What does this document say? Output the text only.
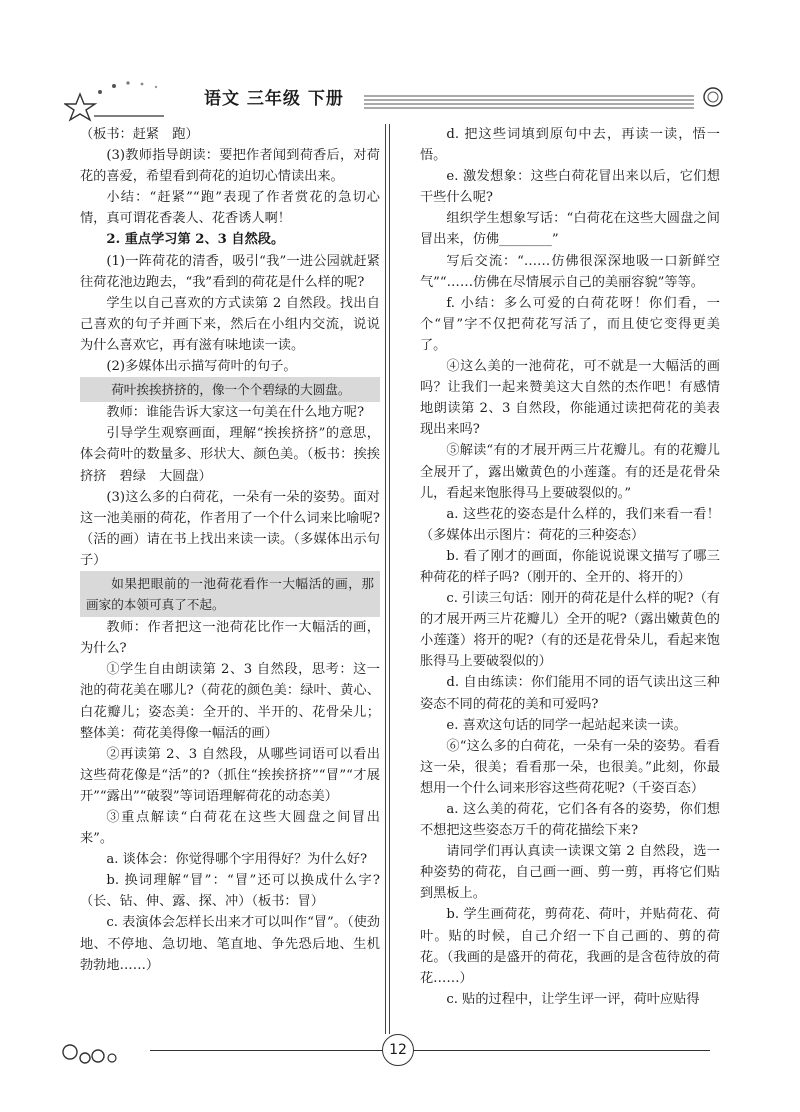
语文 三年级 下册

（板书：赶紧　跑）

(3)教师指导朗读：要把作者闻到荷香后，对荷花的喜爱，希望看到荷花的迫切心情读出来。

小结：“赶紧”“跑”表现了作者赏花的急切心情，真可谓花香袭人、花香诱人啊！

2. 重点学习第 2、3 自然段。

(1)一阵荷花的清香，吸引“我”一进公园就赶紧往荷花池边跑去，“我”看到的荷花是什么样的呢?

学生以自己喜欢的方式读第 2 自然段。找出自己喜欢的句子并画下来，然后在小组内交流，说说为什么喜欢它，再有滋有味地读一读。

(2)多媒体出示描写荷叶的句子。

荷叶挨挨挤挤的，像一个个碧绿的大圆盘。

教师：谁能告诉大家这一句美在什么地方呢?

引导学生观察画面，理解“挨挨挤挤”的意思，体会荷叶的数量多、形状大、颜色美。（板书：挨挨挤挤　碧绿　大圆盘）

(3)这么多的白荷花，一朵有一朵的姿势。面对这一池美丽的荷花，作者用了一个什么词来比喻呢?（活的画）请在书上找出来读一读。（多媒体出示句子）

如果把眼前的一池荷花看作一大幅活的画，那画家的本领可真了不起。

教师：作者把这一池荷花比作一大幅活的画，为什么?

①学生自由朗读第 2、3 自然段，思考：这一池的荷花美在哪儿?（荷花的颜色美：绿叶、黄心、白花瓣儿；姿态美：全开的、半开的、花骨朵儿；整体美：荷花美得像一幅活的画）

②再读第 2、3 自然段，从哪些词语可以看出这些荷花像是“活”的?（抓住“挨挨挤挤”“冒”“才展开”“露出”“破裂”等词语理解荷花的动态美）

③重点解读“白荷花在这些大圆盘之间冒出来”。

a. 谈体会：你觉得哪个字用得好？为什么好?

b. 换词理解“冒”：“冒”还可以换成什么字?（长、钻、伸、露、探、冲）（板书：冒）

c. 表演体会怎样长出来才可以叫作“冒”。（使劲地、不停地、急切地、笔直地、争先恐后地、生机勃勃地……）

d. 把这些词填到原句中去，再读一读，悟一悟。

e. 激发想象：这些白荷花冒出来以后，它们想干些什么呢?

组织学生想象写话：“白荷花在这些大圆盘之间冒出来，仿佛________”

写后交流：“……仿佛很深深地吸一口新鲜空气”“……仿佛在尽情展示自己的美丽容貌”等等。

f. 小结：多么可爱的白荷花呀！你们看，一个“冒”字不仅把荷花写活了，而且使它变得更美了。

④这么美的一池荷花，可不就是一大幅活的画吗？让我们一起来赞美这大自然的杰作吧！有感情地朗读第 2、3 自然段，你能通过读把荷花的美表现出来吗?

⑤解读“有的才展开两三片花瓣儿。有的花瓣儿全展开了，露出嫩黄色的小莲蓬。有的还是花骨朵儿，看起来饱胀得马上要破裂似的。”

a. 这些花的姿态是什么样的，我们来看一看！（多媒体出示图片：荷花的三种姿态）

b. 看了刚才的画面，你能说说课文描写了哪三种荷花的样子吗?（刚开的、全开的、将开的）

c. 引读三句话：刚开的荷花是什么样的呢?（有的才展开两三片花瓣儿）全开的呢?（露出嫩黄色的小莲蓬）将开的呢?（有的还是花骨朵儿，看起来饱胀得马上要破裂似的）

d. 自由练读：你们能用不同的语气读出这三种姿态不同的荷花的美和可爱吗?

e. 喜欢这句话的同学一起站起来读一读。

⑥“这么多的白荷花，一朵有一朵的姿势。看看这一朵，很美；看看那一朵，也很美。”此刻，你最想用一个什么词来形容这些荷花呢?（千姿百态）

a. 这么美的荷花，它们各有各的姿势，你们想不想把这些姿态万千的荷花描绘下来?

请同学们再认真读一读课文第 2 自然段，选一种姿势的荷花，自己画一画、剪一剪，再将它们贴到黑板上。

b. 学生画荷花，剪荷花、荷叶，并贴荷花、荷叶。贴的时候，自己介绍一下自己画的、剪的荷花。（我画的是盛开的荷花，我画的是含苞待放的荷花……）

c. 贴的过程中，让学生评一评，荷叶应贴得

12
